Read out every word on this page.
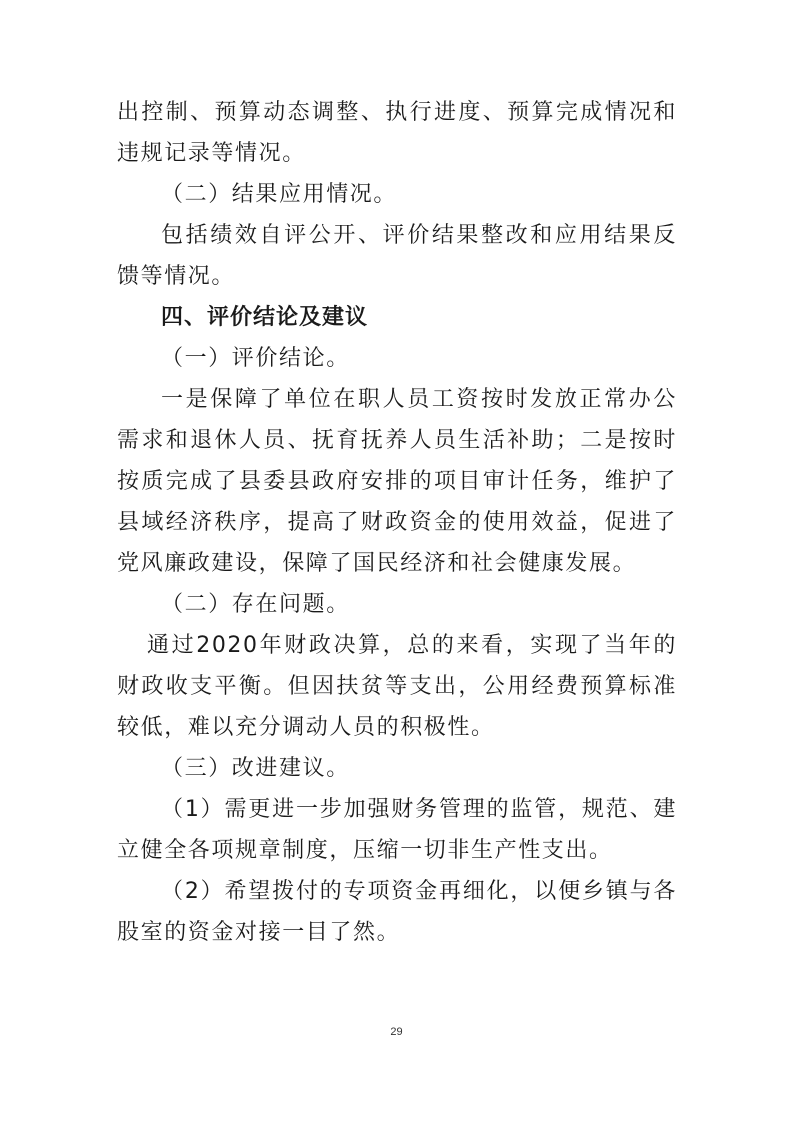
出控制、预算动态调整、执行进度、预算完成情况和违规记录等情况。

（二）结果应用情况。

包括绩效自评公开、评价结果整改和应用结果反馈等情况。

四、评价结论及建议

（一）评价结论。

一是保障了单位在职人员工资按时发放正常办公需求和退休人员、抚育抚养人员生活补助；二是按时按质完成了县委县政府安排的项目审计任务，维护了县域经济秩序，提高了财政资金的使用效益，促进了党风廉政建设，保障了国民经济和社会健康发展。

（二）存在问题。

通过2020年财政决算，总的来看，实现了当年的财政收支平衡。但因扶贫等支出，公用经费预算标准较低，难以充分调动人员的积极性。

（三）改进建议。

（1）需更进一步加强财务管理的监管，规范、建立健全各项规章制度，压缩一切非生产性支出。

（2）希望拨付的专项资金再细化，以便乡镇与各股室的资金对接一目了然。

29
